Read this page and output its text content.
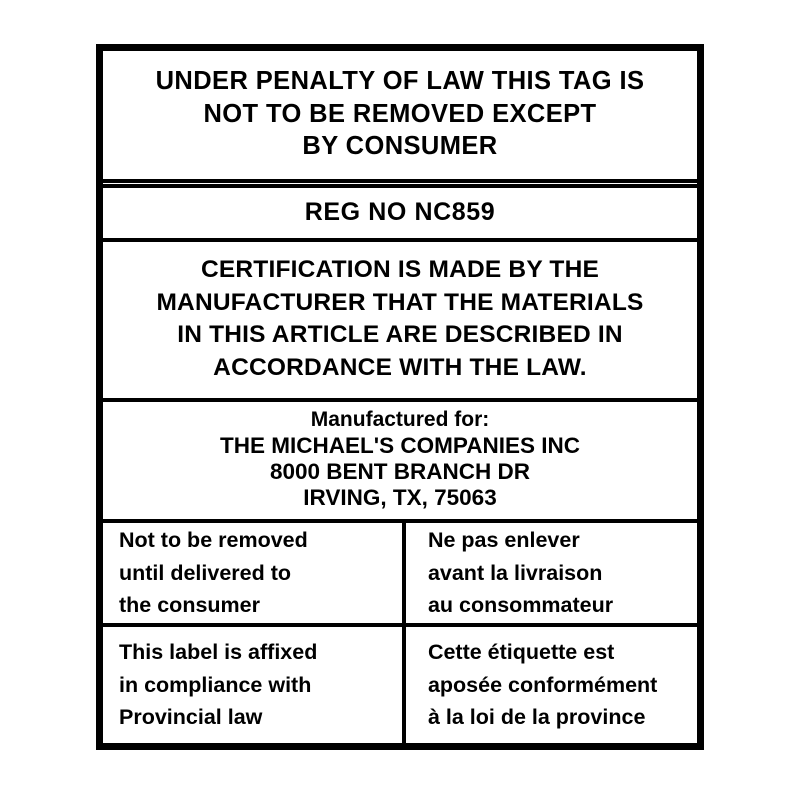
UNDER PENALTY OF LAW THIS TAG IS
NOT TO BE REMOVED EXCEPT
BY CONSUMER
REG NO NC859
CERTIFICATION IS MADE BY THE
MANUFACTURER THAT THE MATERIALS
IN THIS ARTICLE ARE DESCRIBED IN
ACCORDANCE WITH THE LAW.
Manufactured for:
THE MICHAEL'S COMPANIES INC
8000 BENT BRANCH DR
IRVING, TX, 75063
Not to be removed
until delivered to
the consumer
Ne pas enlever
avant la livraison
au consommateur
This label is affixed
in compliance with
Provincial law
Cette étiquette est
aposée conformément
à la loi de la province
